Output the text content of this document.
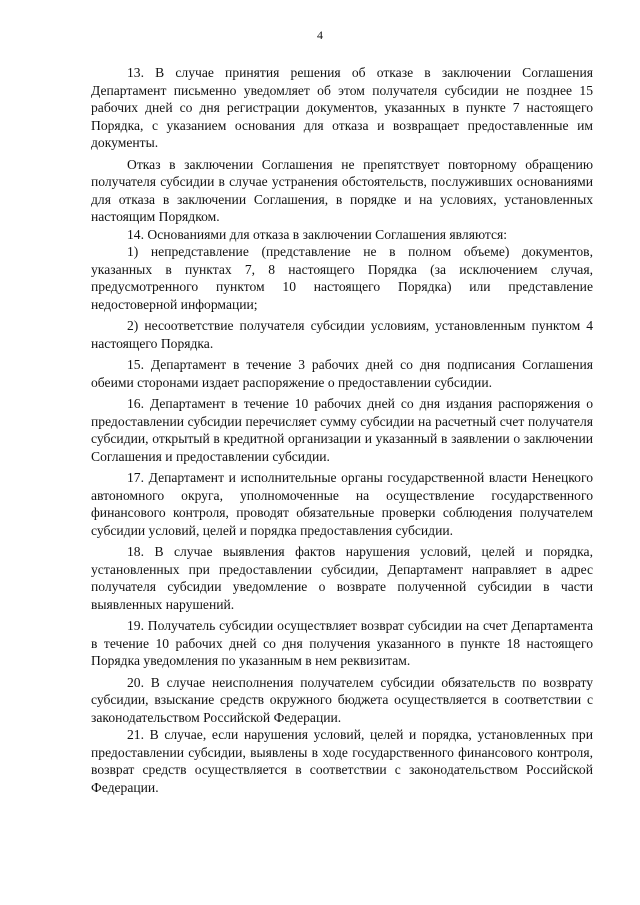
4

13. В случае принятия решения об отказе в заключении Соглашения Департамент письменно уведомляет об этом получателя субсидии не позднее 15 рабочих дней со дня регистрации документов, указанных в пункте 7 настоящего Порядка, с указанием основания для отказа и возвращает предоставленные им документы.

Отказ в заключении Соглашения не препятствует повторному обращению получателя субсидии в случае устранения обстоятельств, послуживших основаниями для отказа в заключении Соглашения, в порядке и на условиях, установленных настоящим Порядком.

14. Основаниями для отказа в заключении Соглашения являются:

1) непредставление (представление не в полном объеме) документов, указанных в пунктах 7, 8 настоящего Порядка (за исключением случая, предусмотренного пунктом 10 настоящего Порядка) или представление недостоверной информации;

2) несоответствие получателя субсидии условиям, установленным пунктом 4 настоящего Порядка.

15. Департамент в течение 3 рабочих дней со дня подписания Соглашения обеими сторонами издает распоряжение о предоставлении субсидии.

16. Департамент в течение 10 рабочих дней со дня издания распоряжения о предоставлении субсидии перечисляет сумму субсидии на расчетный счет получателя субсидии, открытый в кредитной организации и указанный в заявлении о заключении Соглашения и предоставлении субсидии.

17. Департамент и исполнительные органы государственной власти Ненецкого автономного округа, уполномоченные на осуществление государственного финансового контроля, проводят обязательные проверки соблюдения получателем субсидии условий, целей и порядка предоставления субсидии.

18. В случае выявления фактов нарушения условий, целей и порядка, установленных при предоставлении субсидии, Департамент направляет в адрес получателя субсидии уведомление о возврате полученной субсидии в части выявленных нарушений.

19. Получатель субсидии осуществляет возврат субсидии на счет Департамента в течение 10 рабочих дней со дня получения указанного в пункте 18 настоящего Порядка уведомления по указанным в нем реквизитам.

20. В случае неисполнения получателем субсидии обязательств по возврату субсидии, взыскание средств окружного бюджета осуществляется в соответствии с законодательством Российской Федерации.

21. В случае, если нарушения условий, целей и порядка, установленных при предоставлении субсидии, выявлены в ходе государственного финансового контроля, возврат средств осуществляется в соответствии с законодательством Российской Федерации.
